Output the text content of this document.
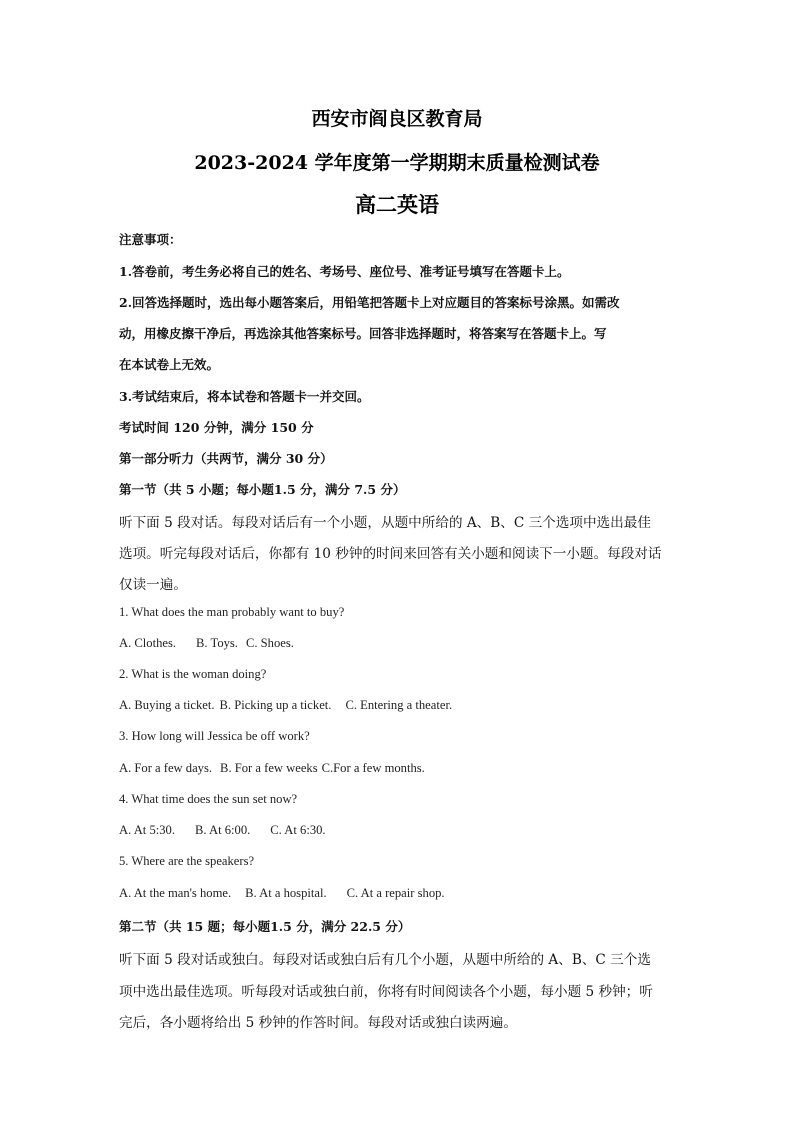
西安市阎良区教育局
2023-2024 学年度第一学期期末质量检测试卷
高二英语
注意事项：
1.答卷前，考生务必将自己的姓名、考场号、座位号、准考证号填写在答题卡上。
2.回答选择题时，选出每小题答案后，用铅笔把答题卡上对应题目的答案标号涂黑。如需改
动，用橡皮擦干净后，再选涂其他答案标号。回答非选择题时，将答案写在答题卡上。写
在本试卷上无效。
3.考试结束后，将本试卷和答题卡一并交回。
考试时间 120 分钟，满分 150 分
第一部分听力（共两节，满分 30 分）
第一节（共 5 小题；每小题1.5 分，满分 7.5 分）
听下面 5 段对话。每段对话后有一个小题，从题中所给的 A、B、C 三个选项中选出最佳
选项。听完每段对话后，你都有 10 秒钟的时间来回答有关小题和阅读下一小题。每段对话
仅读一遍。
1. What does the man probably want to buy?
A. Clothes. B. Toys. C. Shoes.
2. What is the woman doing?
A. Buying a ticket. B. Picking up a ticket. C. Entering a theater.
3. How long will Jessica be off work?
A. For a few days. B. For a few weeks C.For a few months.
4. What time does the sun set now?
A. At 5:30. B. At 6:00. C. At 6:30.
5. Where are the speakers?
A. At the man's home. B. At a hospital. C. At a repair shop.
第二节（共 15 题；每小题1.5 分，满分 22.5 分）
听下面 5 段对话或独白。每段对话或独白后有几个小题，从题中所给的 A、B、C 三个选
项中选出最佳选项。听每段对话或独白前，你将有时间阅读各个小题，每小题 5 秒钟；听
完后，各小题将给出 5 秒钟的作答时间。每段对话或独白读两遍。
